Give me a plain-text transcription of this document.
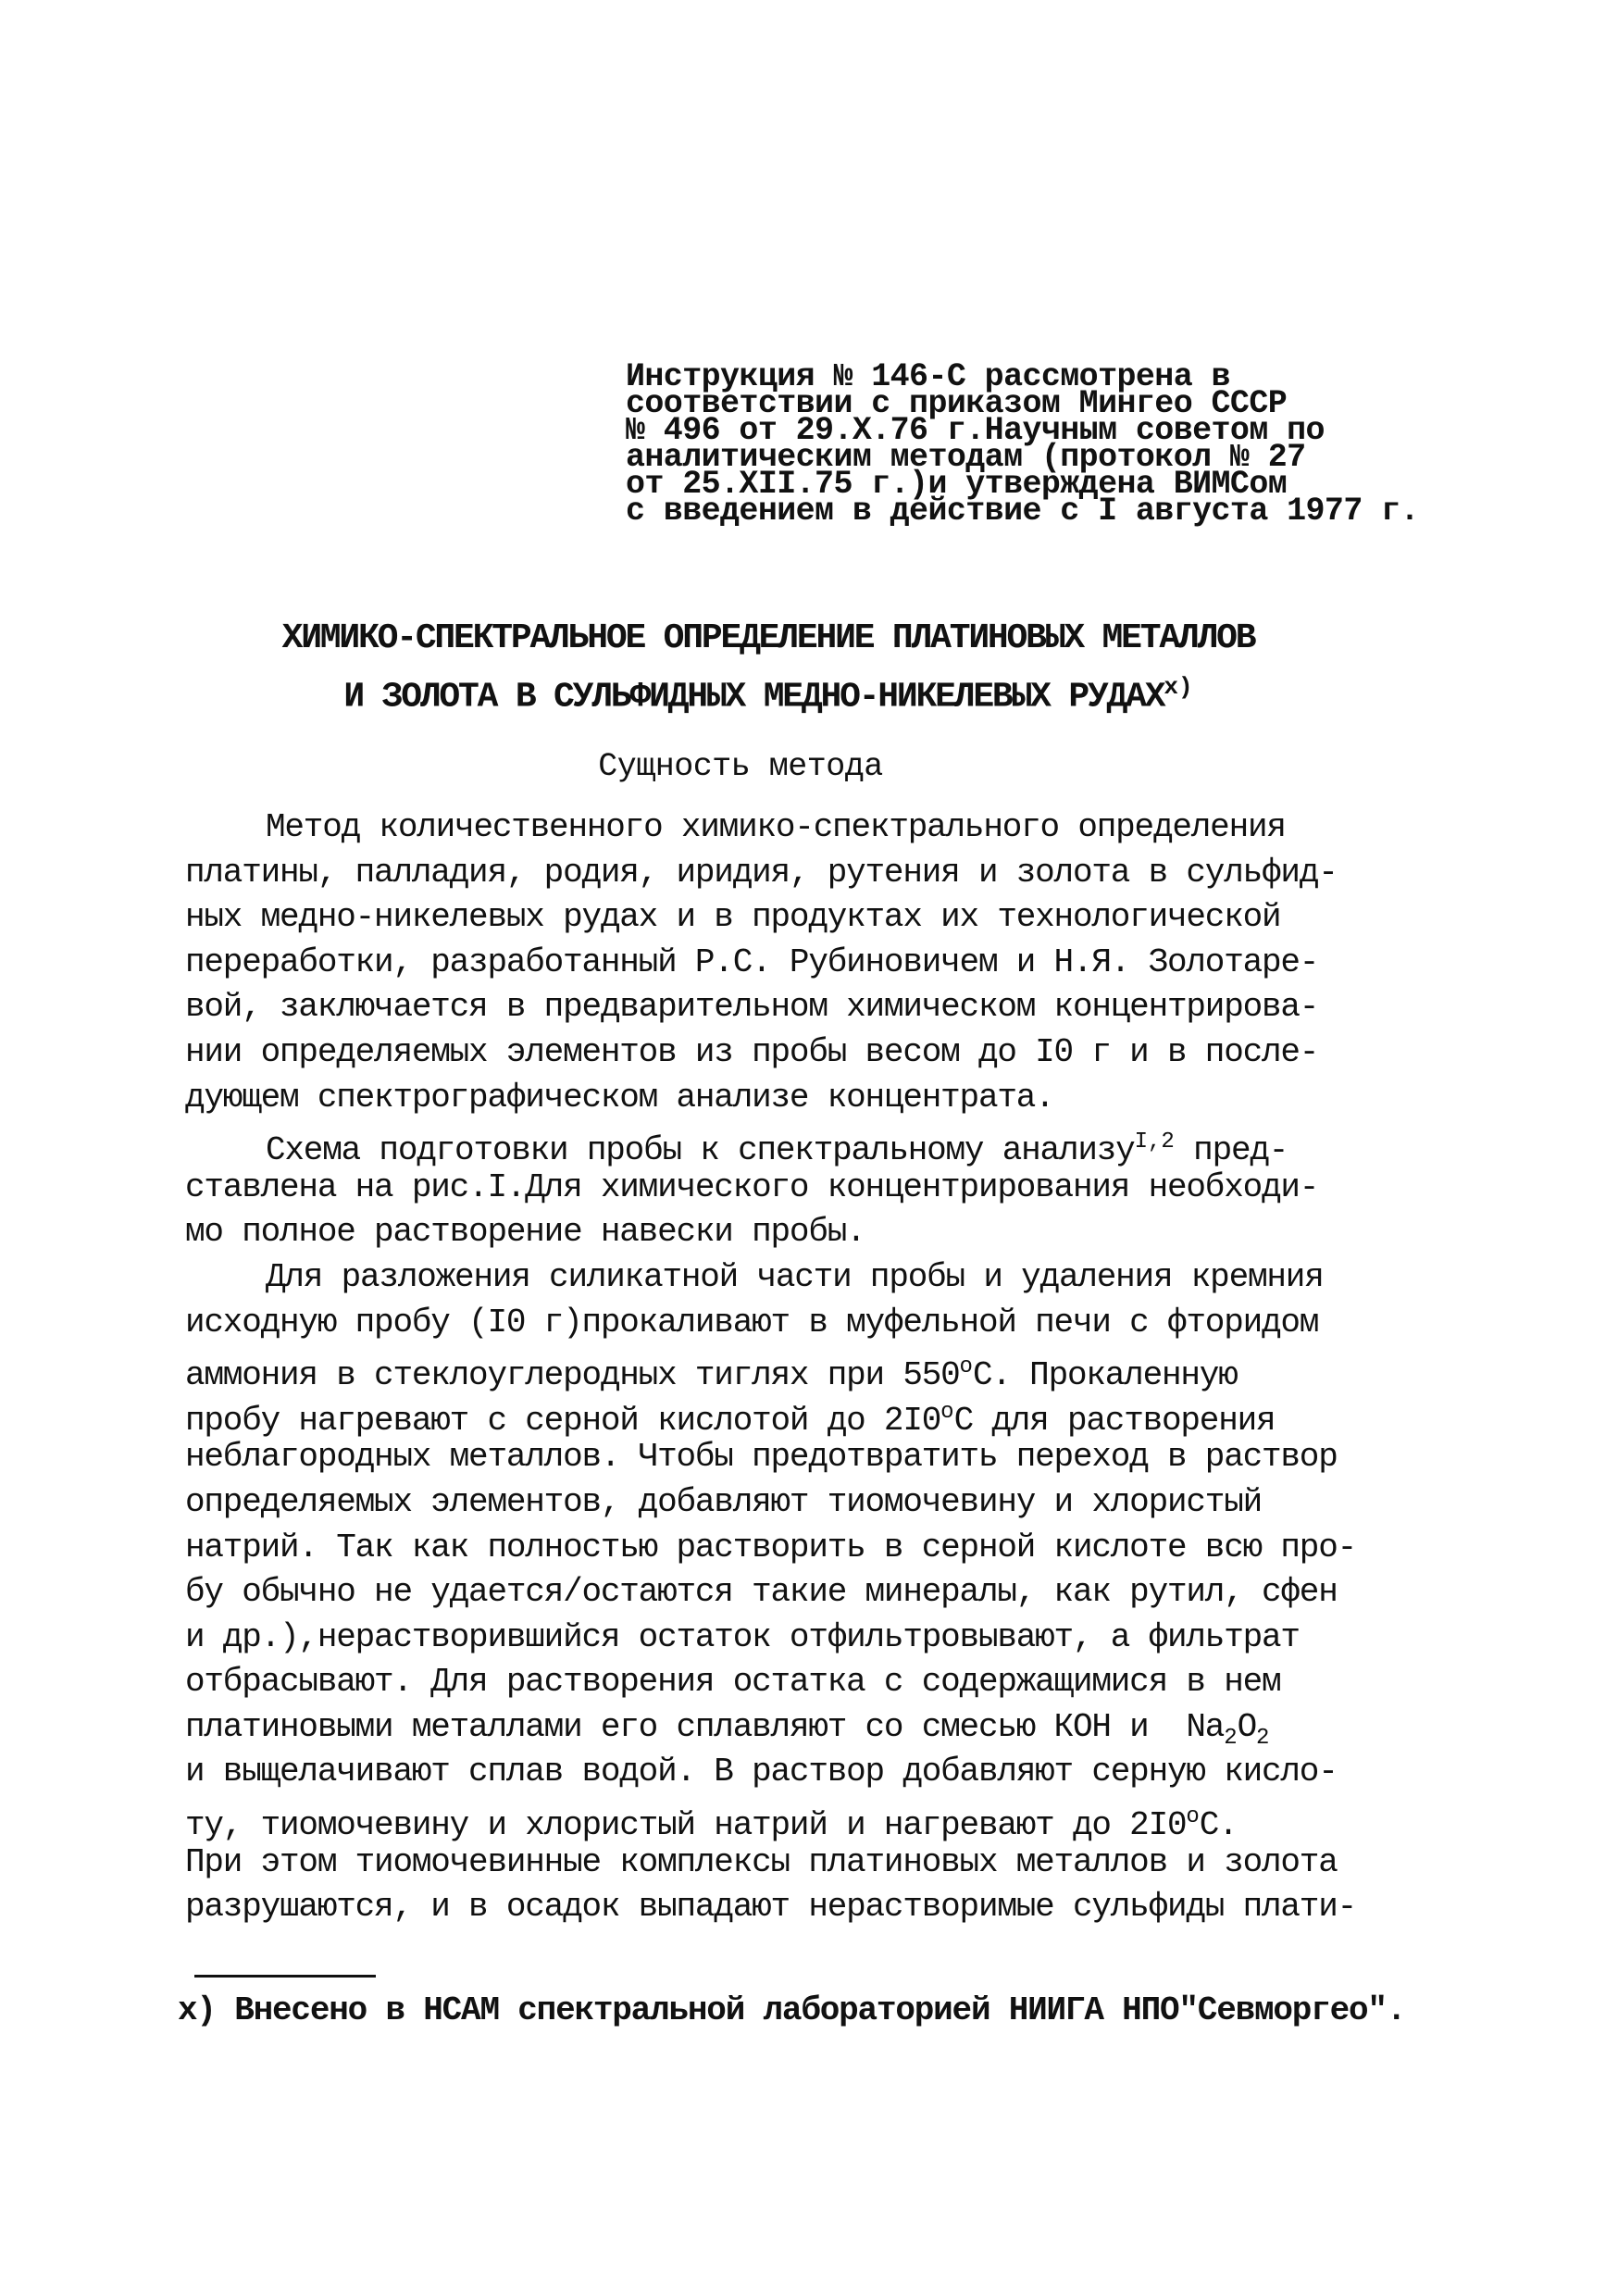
Инструкция № 146-С рассмотрена в
соответствии с приказом Мингео СССР
№ 496 от 29.X.76 г.Научным советом по
аналитическим методам (протокол № 27
от 25.XII.75 г.)и утверждена ВИМСом
с введением в действие с I августа 1977 г.
ХИМИКО-СПЕКТРАЛЬНОЕ ОПРЕДЕЛЕНИЕ ПЛАТИНОВЫХ МЕТАЛЛОВ
И ЗОЛОТА В СУЛЬФИДНЫХ МЕДНО-НИКЕЛЕВЫХ $РУДАХ^{х)}$
Сущность метода
Метод количественного химико-спектрального определения
платины, палладия, родия, иридия, рутения и золота в сульфид-
ных медно-никелевых рудах и в продуктах их технологической
переработки, разработанный Р.С. Рубиновичем и Н.Я. Золотаре-
вой, заключается в предварительном химическом концентрирова-
нии определяемых элементов из пробы весом до I0 г и в после-
дующем спектрографическом анализе концентрата.
Схема подготовки пробы к спектральному анализу$^{I,2}$ пред-
ставлена на рис.I.Для химического концентрирования необходи-
мо полное растворение навески пробы.
Для разложения силикатной части пробы и удаления кремния
исходную пробу (I0 г)прокаливают в муфельной печи с фторидом
аммония в стеклоуглеродных тиглях при $550^оС$. Прокаленную
пробу нагревают с серной кислотой до $2I0^оС$ для растворения
неблагородных металлов. Чтобы предотвратить переход в раствор
определяемых элементов, добавляют тиомочевину и хлористый
натрий. Так как полностью растворить в серной кислоте всю про-
бу обычно не удается/остаются такие минералы, как рутил, сфен
и др.),нерастворившийся остаток отфильтровывают, а фильтрат
отбрасывают. Для растворения остатка с содержащимися в нем
платиновыми металлами его сплавляют со смесью КОН и  $Na_2O_2$
и выщелачивают сплав водой. В раствор добавляют серную кисло-
ту, тиомочевину и хлористый натрий и нагревают до $2I0^оС$.
При этом тиомочевинные комплексы платиновых металлов и золота
разрушаются, и в осадок выпадают нерастворимые сульфиды плати-
х) Внесено в НСАМ спектральной лабораторией НИИГА НПО"Севморгео".
